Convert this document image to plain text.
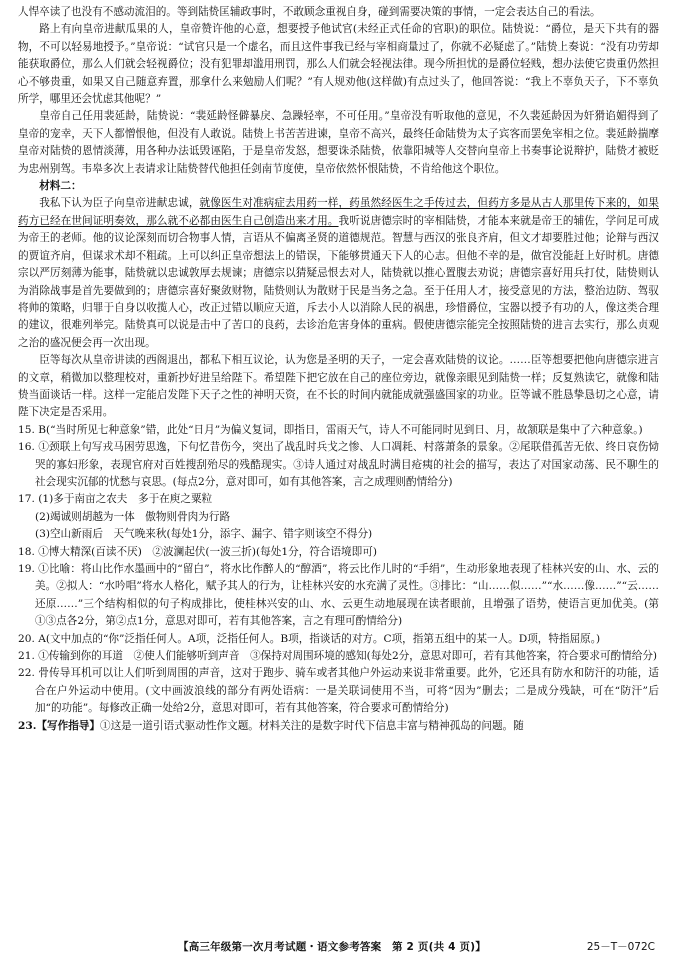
人悍卒读了也没有不感动流泪的。等到陆贽匡辅政事时，不敢顾念重视自身，碰到需要决策的事情，一定会表达自己的看法。

路上有向皇帝进献瓜果的人，皇帝赞许他的心意，想要授予他试官(未经正式任命的官职)的职位。陆贽说：“爵位，是天下共有的器物，不可以轻易地授予。”皇帝说：“试官只是一个虚名，而且这件事我已经与宰相商量过了，你就不必疑虑了。”陆贽上奏说：“没有功劳却能获取爵位，那么人们就会轻视爵位；没有犯罪却滥用刑罚，那么人们就会轻视法律。现今所担忧的是爵位轻贱，想办法使它贵重仍然担心不够贵重，如果又自己随意弃置，那拿什么来勉励人们呢？”有人规劝他(这样做)有点过头了，他回答说：“我上不辜负天子，下不辜负所学，哪里还会忧虑其他呢？”

皇帝自己任用裴延龄，陆贽说：“裴延龄怪僻暴戾、急躁轻率，不可任用。”皇帝没有听取他的意见，不久裴延龄因为奸猾谄媚得到了皇帝的宠幸，天下人都憎恨他，但没有人敢说。陆贽上书苦苦进谏，皇帝不高兴，最终任命陆贽为太子宾客而罢免宰相之位。裴延龄揣摩皇帝对陆贽的恩情淡薄，用各种办法诋毁诬陷，于是皇帝发怒，想要诛杀陆贽，依靠阳城等人交替向皇帝上书奏事论说辩护，陆贽才被贬为忠州别驾。韦皋多次上表请求让陆贽替代他担任剑南节度使，皇帝依然怀恨陆贽，不肯给他这个职位。

材料二：

我私下认为臣子向皇帝进献忠诚，就像医生对准病症去用药一样，药虽然经医生之手传过去，但药方多是从古人那里传下来的，如果药方已经在世间证明奏效，那么就不必都由医生自己创造出来才用。我听说唐德宗时的宰相陆贽，才能本来就是帝王的辅佐，学问足可成为帝王的老师。他的议论深刻而切合物事人情，言语从不偏离圣贤的道德规范。智慧与西汉的张良齐肩，但文才却要胜过他；论辩与西汉的贾谊齐肩，但谋求术却不粗疏。上可以纠正皇帝想法上的错误，下能够贯通天下人的心志。但他不幸的是，做官没能赶上好时机。唐德宗以严厉刻薄为能事，陆贽就以忠诚敦厚去规谏；唐德宗以猜疑忌恨去对人，陆贽就以推心置腹去劝说；唐德宗喜好用兵打仗，陆贽则认为消除战事是首先要做到的；唐德宗喜好聚敛财物，陆贽则认为散财于民是当务之急。至于任用人才，接受意见的方法，整治边防、驾驭将帅的策略，归罪于自身以收揽人心，改正过错以顺应天道，斥去小人以消除人民的祸患，珍惜爵位，宝器以授予有功的人，像这类合理的建议，很难列举完。陆贽真可以说是击中了苦口的良药，去诊治危害身体的重病。假使唐德宗能完全按照陆贽的进言去实行，那么贞观之治的盛况便会再一次出现。

臣等每次从皇帝讲读的西阁退出，都私下相互议论，认为您是圣明的天子，一定会喜欢陆贽的议论。……臣等想要把他向唐德宗进言的文章，稍微加以整理校对，重新抄好进呈给陛下。希望陛下把它放在自己的座位旁边，就像亲眼见到陆贽一样；反复熟读它，就像和陆贽当面谈话一样。这样一定能启发陛下天子之性的神明天资，在不长的时间内就能成就强盛国家的功业。臣等诚不胜恳挚恳切之心意，请陛下决定是否采用。

15. B(“当时所见七种意象”错，此处“日月”为偏义复词，即指日，雷雨天气，诗人不可能同时见到日、月，故颔联是集中了六种意象。)

16. ①颈联上句写戎马困劳思逸，下句忆昔伤今，突出了战乱时兵戈之惨、人口凋耗、村落萧条的景象。②尾联借孤苦无依、终日哀伤恸哭的寡妇形象，表现官府对百姓搜刮殆尽的残酷现实。③诗人通过对战乱时满目疮痍的社会的描写，表达了对国家动荡、民不聊生的社会现实沉郁的忧愁与哀思。(每点2分，意对即可，如有其他答案，言之成理则酌情给分)

17. (1)多于南亩之农夫　多于在庾之粟粒

(2)竭诚则胡越为一体　傲物则骨肉为行路

(3)空山新雨后　天气晚来秋(每处1分，添字、漏字、错字则该空不得分)

18. ①博大精深(百读不厌)　②波澜起伏(一波三折)(每处1分，符合语境即可)

19. ①比喻：将山比作水墨画中的“留白”，将水比作醉人的“醇酒”，将云比作儿时的“手绢”，生动形象地表现了桂林兴安的山、水、云的美。②拟人：“水吟唱”将水人格化，赋予其人的行为，让桂林兴安的水充满了灵性。③排比：“山……似……”“水……像……”“云……还原……”三个结构相似的句子构成排比，使桂林兴安的山、水、云更生动地展现在读者眼前，且增强了语势，使语言更加优美。(第①③点各2分，第②点1分，意思对即可，若有其他答案，言之有理可酌情给分)

20. A(文中加点的“你”泛指任何人。A项，泛指任何人。B项，指谈话的对方。C项，指第五组中的某一人。D项，特指屈原。)

21. ①传输到你的耳道　②使人们能够听到声音　③保持对周围环境的感知(每处2分，意思对即可，若有其他答案，符合要求可酌情给分)

22. 骨传导耳机可以让人们听到周围的声音，这对于跑步、骑车或者其他户外运动来说非常重要。此外，它还具有防水和防汗的功能，适合在户外运动中使用。(文中画波浪线的部分有两处语病：一是关联词使用不当，可将“因为”删去；二是成分残缺，可在“防汗”后加“的功能”。每修改正确一处给2分，意思对即可，若有其他答案，符合要求可酌情给分)

23.【写作指导】①这是一道引语式驱动性作文题。材料关注的是数字时代下信息丰富与精神孤岛的问题。随

【高三年级第一次月考试题・语文参考答案　第 2 页(共 4 页)】	25－T－072C
